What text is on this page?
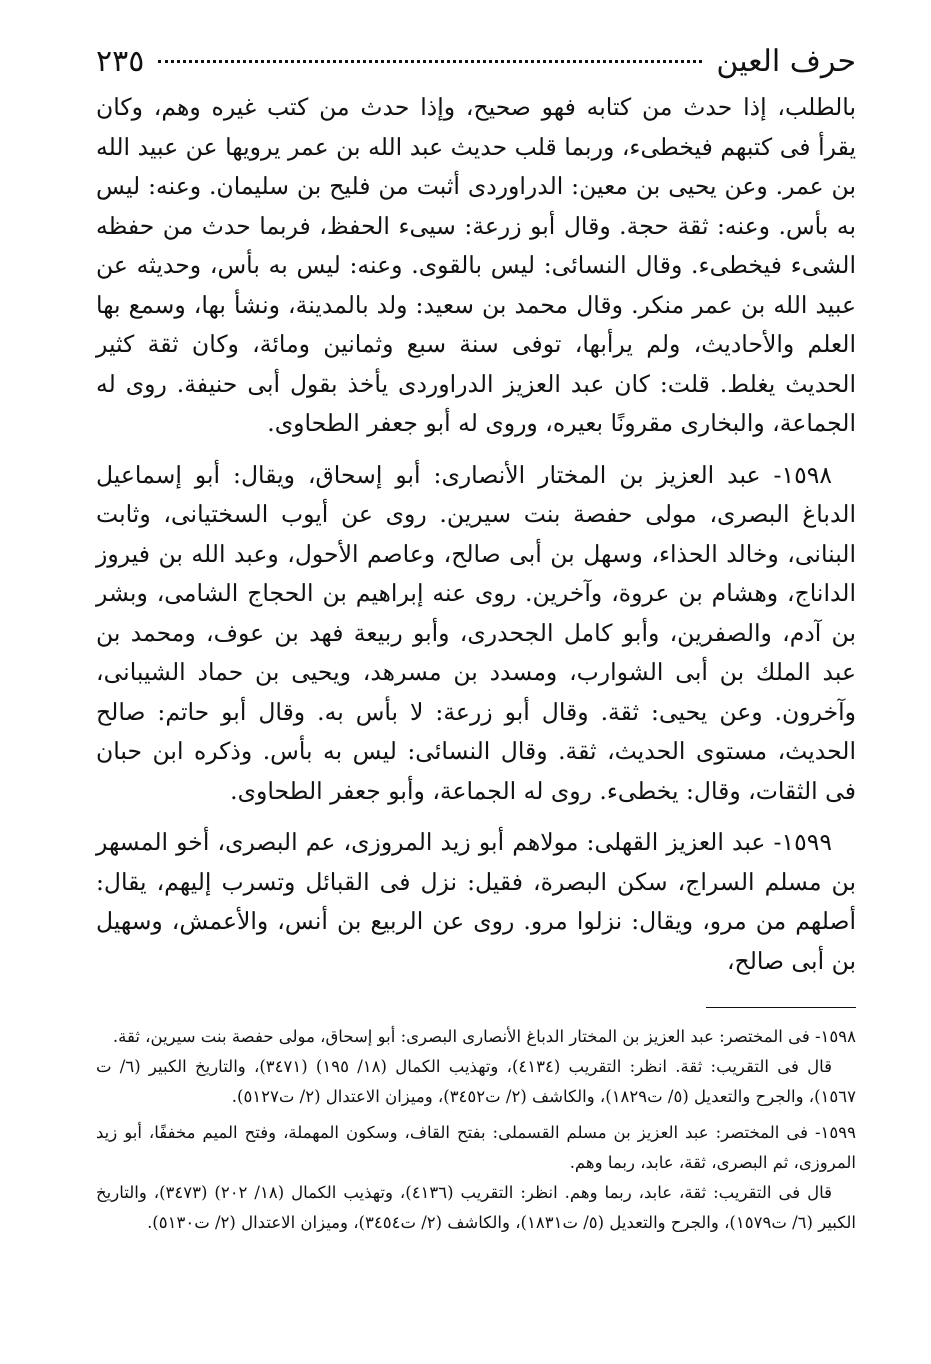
حرف العين
٢٣٥

بالطلب، إذا حدث من كتابه فهو صحيح، وإذا حدث من كتب غيره وهم، وكان يقرأ فى كتبهم فيخطىء، وربما قلب حديث عبد الله بن عمر يرويها عن عبيد الله بن عمر. وعن يحيى بن معين: الدراوردى أثبت من فليح بن سليمان. وعنه: ليس به بأس. وعنه: ثقة حجة. وقال أبو زرعة: سيىء الحفظ، فربما حدث من حفظه الشىء فيخطىء. وقال النسائى: ليس بالقوى. وعنه: ليس به بأس، وحديثه عن عبيد الله بن عمر منكر. وقال محمد بن سعيد: ولد بالمدينة، ونشأ بها، وسمع بها العلم والأحاديث، ولم يرأبها، توفى سنة سبع وثمانين ومائة، وكان ثقة كثير الحديث يغلط. قلت: كان عبد العزيز الدراوردى يأخذ بقول أبى حنيفة. روى له الجماعة، والبخارى مقرونًا بعيره، وروى له أبو جعفر الطحاوى.

١٥٩٨- عبد العزيز بن المختار الأنصارى: أبو إسحاق، ويقال: أبو إسماعيل الدباغ البصرى، مولى حفصة بنت سيرين. روى عن أيوب السختيانى، وثابت البنانى، وخالد الحذاء، وسهل بن أبى صالح، وعاصم الأحول، وعبد الله بن فيروز الداناج، وهشام بن عروة، وآخرين. روى عنه إبراهيم بن الحجاج الشامى، وبشر بن آدم، والصفرين، وأبو كامل الجحدرى، وأبو ربيعة فهد بن عوف، ومحمد بن عبد الملك بن أبى الشوارب، ومسدد بن مسرهد، ويحيى بن حماد الشيبانى، وآخرون. وعن يحيى: ثقة. وقال أبو زرعة: لا بأس به. وقال أبو حاتم: صالح الحديث، مستوى الحديث، ثقة. وقال النسائى: ليس به بأس. وذكره ابن حبان فى الثقات، وقال: يخطىء. روى له الجماعة، وأبو جعفر الطحاوى.

١٥٩٩- عبد العزيز القهلى: مولاهم أبو زيد المروزى، عم البصرى، أخو المسهر بن مسلم السراج، سكن البصرة، فقيل: نزل فى القبائل وتسرب إليهم، يقال: أصلهم من مرو، ويقال: نزلوا مرو. روى عن الربيع بن أنس، والأعمش، وسهيل بن أبى صالح،

١٥٩٨- فى المختصر: عبد العزيز بن المختار الدباغ الأنصارى البصرى: أبو إسحاق، مولى حفصة بنت سيرين، ثقة.

قال فى التقريب: ثقة. انظر: التقريب (٤١٣٤)، وتهذيب الكمال (١٨/ ١٩٥) (٣٤٧١)، والتاريخ الكبير (٦/ ت ١٥٦٧)، والجرح والتعديل (٥/ ت١٨٢٩)، والكاشف (٢/ ت٣٤٥٢)، وميزان الاعتدال (٢/ ت٥١٢٧).

١٥٩٩- فى المختصر: عبد العزيز بن مسلم القسملى: بفتح القاف، وسكون المهملة، وفتح الميم مخففًا، أبو زيد المروزى، ثم البصرى، ثقة، عابد، ربما وهم.

قال فى التقريب: ثقة، عابد، ربما وهم. انظر: التقريب (٤١٣٦)، وتهذيب الكمال (١٨/ ٢٠٢) (٣٤٧٣)، والتاريخ الكبير (٦/ ت١٥٧٩)، والجرح والتعديل (٥/ ت١٨٣١)، والكاشف (٢/ ت٣٤٥٤)، وميزان الاعتدال (٢/ ت٥١٣٠).
